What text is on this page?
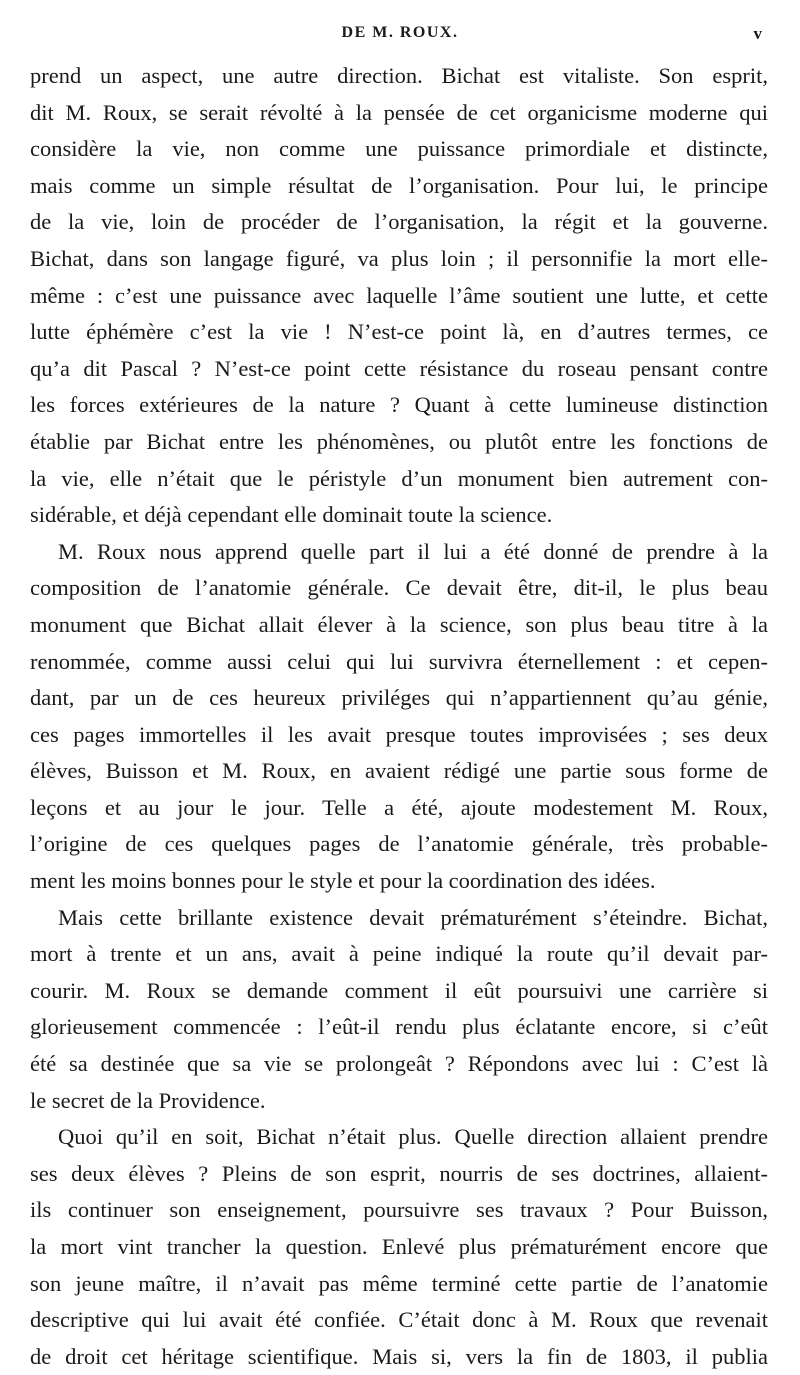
DE M. ROUX.	v
prend un aspect, une autre direction. Bichat est vitaliste. Son esprit,
dit M. Roux, se serait révolté à la pensée de cet organicisme moderne qui
considère la vie, non comme une puissance primordiale et distincte,
mais comme un simple résultat de l’organisation. Pour lui, le principe
de la vie, loin de procéder de l’organisation, la régit et la gouverne.
Bichat, dans son langage figuré, va plus loin ; il personnifie la mort elle-
même : c’est une puissance avec laquelle l’âme soutient une lutte, et cette
lutte éphémère c’est la vie ! N’est-ce point là, en d’autres termes, ce
qu’a dit Pascal ? N’est-ce point cette résistance du roseau pensant contre
les forces extérieures de la nature ? Quant à cette lumineuse distinction
établie par Bichat entre les phénomènes, ou plutôt entre les fonctions de
la vie, elle n’était que le péristyle d’un monument bien autrement con-
sidérable, et déjà cependant elle dominait toute la science.
M. Roux nous apprend quelle part il lui a été donné de prendre à la
composition de l’anatomie générale. Ce devait être, dit-il, le plus beau
monument que Bichat allait élever à la science, son plus beau titre à la
renommée, comme aussi celui qui lui survivra éternellement : et cepen-
dant, par un de ces heureux priviléges qui n’appartiennent qu’au génie,
ces pages immortelles il les avait presque toutes improvisées ; ses deux
élèves, Buisson et M. Roux, en avaient rédigé une partie sous forme de
leçons et au jour le jour. Telle a été, ajoute modestement M. Roux,
l’origine de ces quelques pages de l’anatomie générale, très probable-
ment les moins bonnes pour le style et pour la coordination des idées.
Mais cette brillante existence devait prématurément s’éteindre. Bichat,
mort à trente et un ans, avait à peine indiqué la route qu’il devait par-
courir. M. Roux se demande comment il eût poursuivi une carrière si
glorieusement commencée : l’eût-il rendu plus éclatante encore, si c’eût
été sa destinée que sa vie se prolongeât ? Répondons avec lui : C’est là
le secret de la Providence.
Quoi qu’il en soit, Bichat n’était plus. Quelle direction allaient prendre
ses deux élèves ? Pleins de son esprit, nourris de ses doctrines, allaient-
ils continuer son enseignement, poursuivre ses travaux ? Pour Buisson,
la mort vint trancher la question. Enlevé plus prématurément encore que
son jeune maître, il n’avait pas même terminé cette partie de l’anatomie
descriptive qui lui avait été confiée. C’était donc à M. Roux que revenait
de droit cet héritage scientifique. Mais si, vers la fin de 1803, il publia
